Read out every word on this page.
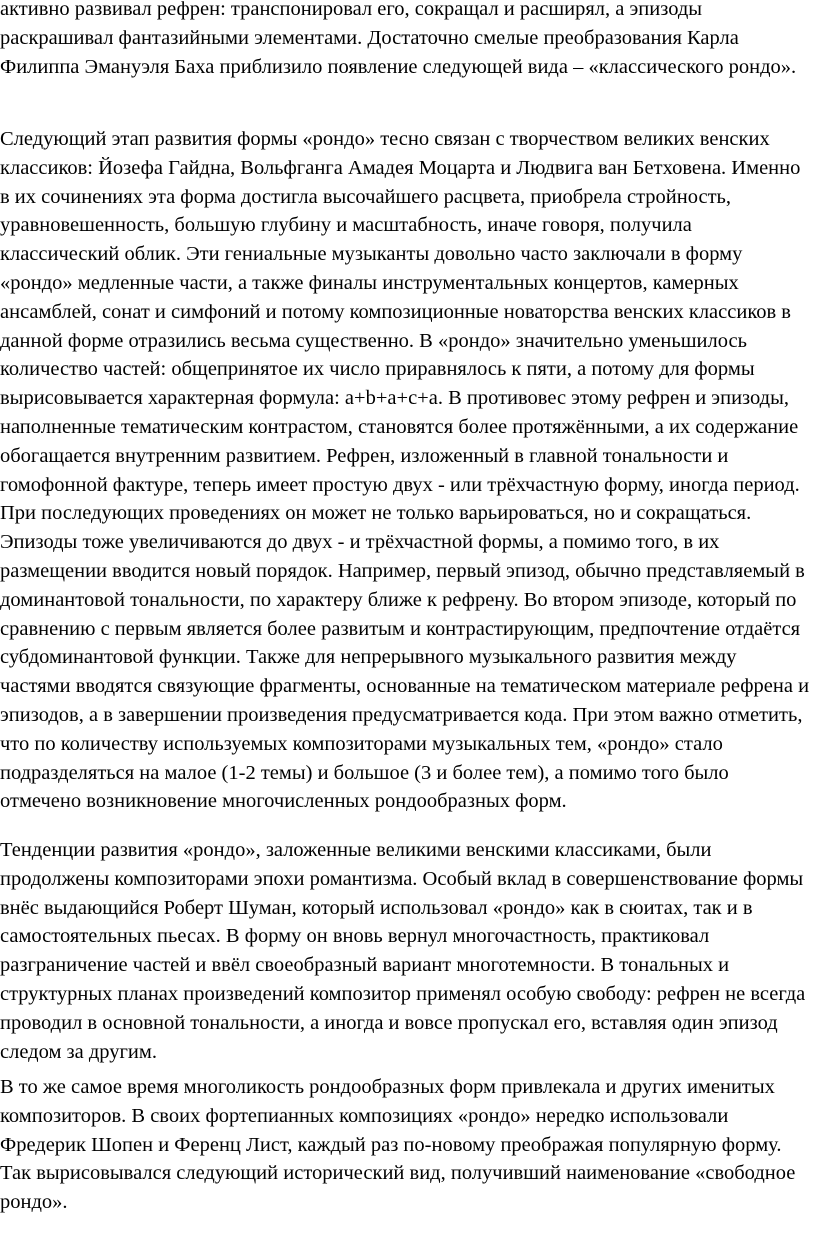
активно развивал рефрен: транспонировал его, сокращал и расширял, а эпизоды раскрашивал фантазийными элементами. Достаточно смелые преобразования Карла Филиппа Эмануэля Баха приблизило появление следующей вида – «классического рондо».

Следующий этап развития формы «рондо» тесно связан с творчеством великих венских классиков: Йозефа Гайдна, Вольфганга Амадея Моцарта и Людвига ван Бетховена. Именно в их сочинениях эта форма достигла высочайшего расцвета, приобрела стройность, уравновешенность, большую глубину и масштабность, иначе говоря, получила классический облик. Эти гениальные музыканты довольно часто заключали в форму «рондо» медленные части, а также финалы инструментальных концертов, камерных ансамблей, сонат и симфоний и потому композиционные новаторства венских классиков в данной форме отразились весьма существенно. В «рондо» значительно уменьшилось количество частей: общепринятое их число приравнялось к пяти, а потому для формы вырисовывается характерная формула: a+b+a+c+a. В противовес этому рефрен и эпизоды, наполненные тематическим контрастом, становятся более протяжёнными, а их содержание обогащается внутренним развитием. Рефрен, изложенный в главной тональности и гомофонной фактуре, теперь имеет простую двух - или трёхчастную форму, иногда период. При последующих проведениях он может не только варьироваться, но и сокращаться. Эпизоды тоже увеличиваются до двух - и трёхчастной формы, а помимо того, в их размещении вводится новый порядок. Например, первый эпизод, обычно представляемый в доминантовой тональности, по характеру ближе к рефрену. Во втором эпизоде, который по сравнению с первым является более развитым и контрастирующим, предпочтение отдаётся субдоминантовой функции. Также для непрерывного музыкального развития между частями вводятся связующие фрагменты, основанные на тематическом материале рефрена и эпизодов, а в завершении произведения предусматривается кода. При этом важно отметить, что по количеству используемых композиторами музыкальных тем, «рондо» стало подразделяться на малое (1-2 темы) и большое (3 и более тем), а помимо того было отмечено возникновение многочисленных рондообразных форм.

Тенденции развития «рондо», заложенные великими венскими классиками, были продолжены композиторами эпохи романтизма. Особый вклад в совершенствование формы внёс выдающийся Роберт Шуман, который использовал «рондо» как в сюитах, так и в самостоятельных пьесах. В форму он вновь вернул многочастность, практиковал разграничение частей и ввёл своеобразный вариант многотемности. В тональных и структурных планах произведений композитор применял особую свободу: рефрен не всегда проводил в основной тональности, а иногда и вовсе пропускал его, вставляя один эпизод следом за другим.

В то же самое время многоликость рондообразных форм привлекала и других именитых композиторов. В своих фортепианных композициях «рондо» нередко использовали Фредерик Шопен и Ференц Лист, каждый раз по-новому преображая популярную форму. Так вырисовывался следующий исторический вид, получивший наименование «свободное рондо».
